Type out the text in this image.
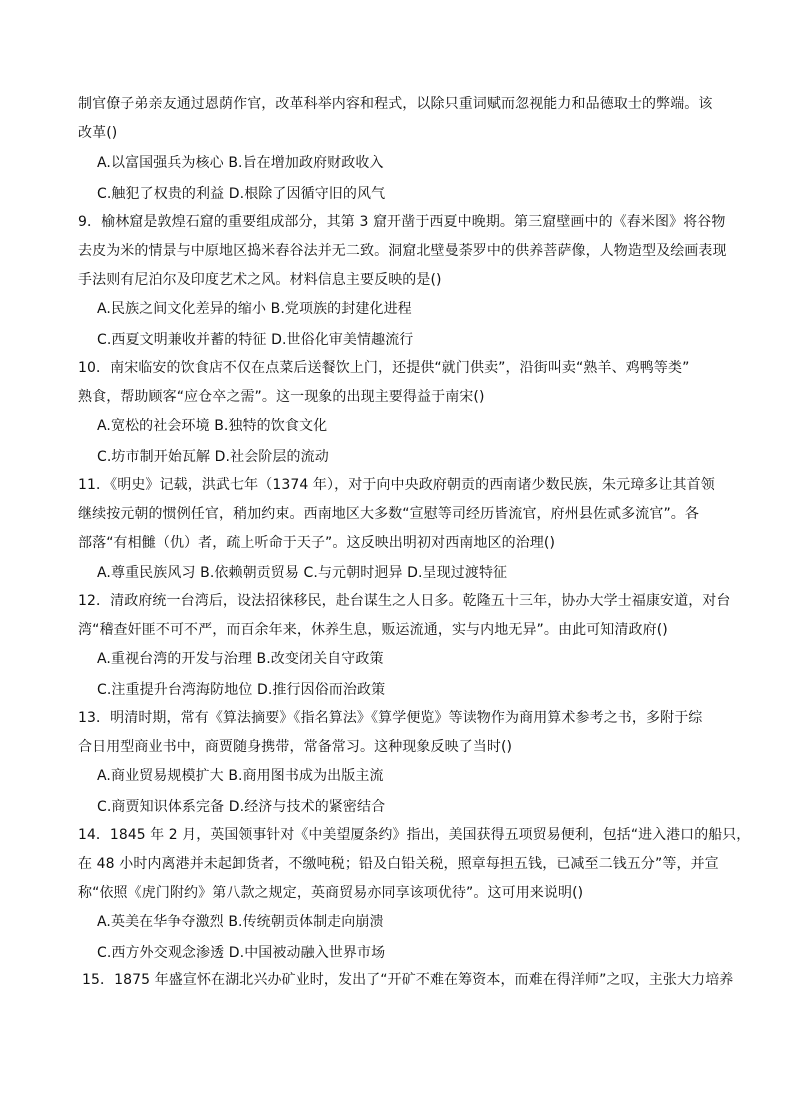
制官僚子弟亲友通过恩荫作官，改革科举内容和程式，以除只重词赋而忽视能力和品德取士的弊端。该
改革()
A.以富国强兵为核心 B.旨在增加政府财政收入
C.触犯了权贵的利益 D.根除了因循守旧的风气
9．榆林窟是敦煌石窟的重要组成部分，其第 3 窟开凿于西夏中晚期。第三窟壁画中的《舂米图》将谷物
去皮为米的情景与中原地区捣米舂谷法并无二致。洞窟北壁曼荼罗中的供养菩萨像，人物造型及绘画表现
手法则有尼泊尔及印度艺术之风。材料信息主要反映的是()
A.民族之间文化差异的缩小 B.党项族的封建化进程
C.西夏文明兼收并蓄的特征 D.世俗化审美情趣流行
10．南宋临安的饮食店不仅在点菜后送餐饮上门，还提供“就门供卖”，沿街叫卖“熟羊、鸡鸭等类”
熟食，帮助顾客“应仓卒之需”。这一现象的出现主要得益于南宋()
A.宽松的社会环境 B.独特的饮食文化
C.坊市制开始瓦解 D.社会阶层的流动
11．《明史》记载，洪武七年（1374 年），对于向中央政府朝贡的西南诸少数民族，朱元璋多让其首领
继续按元朝的惯例任官，稍加约束。西南地区大多数“宣慰等司经历皆流官，府州县佐贰多流官”。各
部落“有相雠（仇）者，疏上听命于天子”。这反映出明初对西南地区的治理()
A.尊重民族风习 B.依赖朝贡贸易 C.与元朝时迥异 D.呈现过渡特征
12．清政府统一台湾后，设法招徕移民，赴台谋生之人日多。乾隆五十三年，协办大学士福康安道，对台
湾“稽查奸匪不可不严，而百余年来，休养生息，贩运流通，实与内地无异”。由此可知清政府()
A.重视台湾的开发与治理 B.改变闭关自守政策
C.注重提升台湾海防地位 D.推行因俗而治政策
13．明清时期，常有《算法摘要》《指名算法》《算学便览》等读物作为商用算术参考之书，多附于综
合日用型商业书中，商贾随身携带，常备常习。这种现象反映了当时()
A.商业贸易规模扩大 B.商用图书成为出版主流
C.商贾知识体系完备 D.经济与技术的紧密结合
14．1845 年 2 月，英国领事针对《中美望厦条约》指出，美国获得五项贸易便利，包括“进入港口的船只，
在 48 小时内离港并未起卸货者，不缴吨税；铅及白铅关税，照章每担五钱，已减至二钱五分”等，并宣
称“依照《虎门附约》第八款之规定，英商贸易亦同享该项优待”。这可用来说明()
A.英美在华争夺激烈 B.传统朝贡体制走向崩溃
C.西方外交观念渗透 D.中国被动融入世界市场
15．1875 年盛宣怀在湖北兴办矿业时，发出了“开矿不难在筹资本，而难在得洋师”之叹，主张大力培养
